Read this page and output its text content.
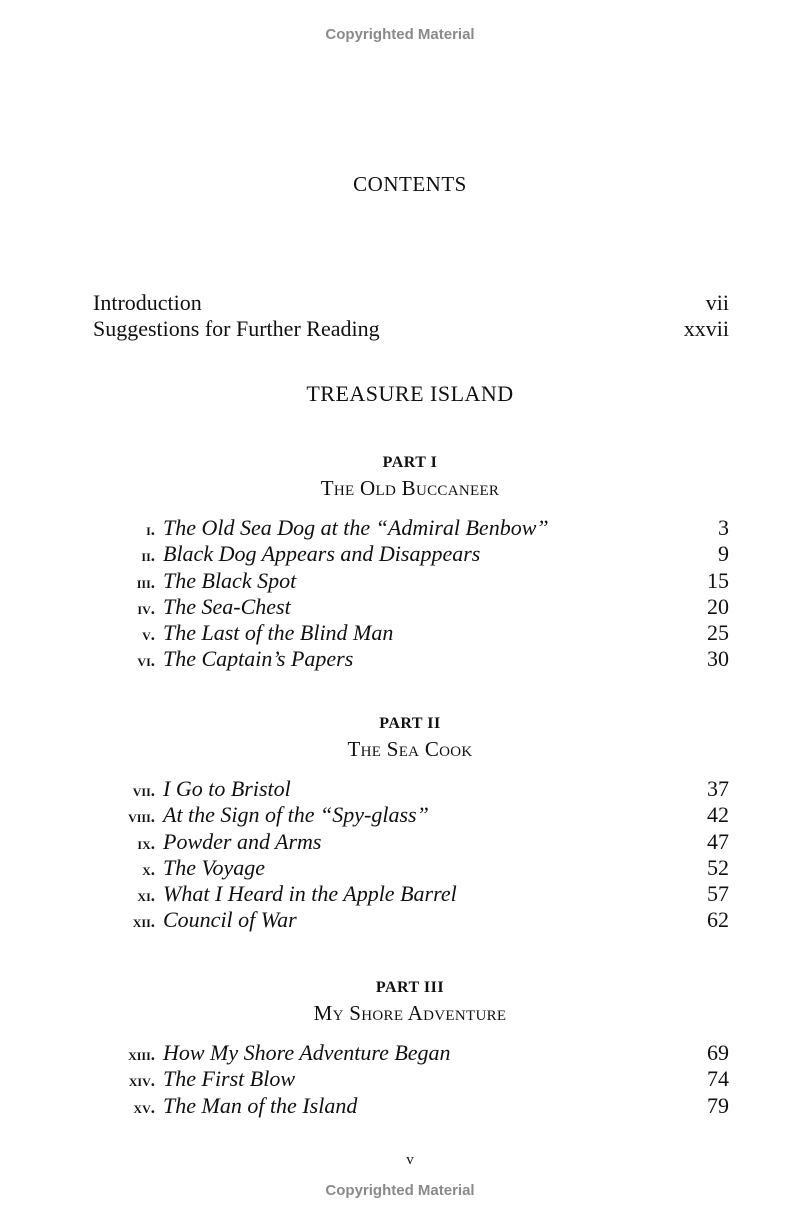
Copyrighted Material
CONTENTS
Introduction	vii
Suggestions for Further Reading	xxvii
TREASURE ISLAND
PART I
The Old Buccaneer
i. The Old Sea Dog at the “Admiral Benbow”	3
ii. Black Dog Appears and Disappears	9
iii. The Black Spot	15
iv. The Sea-Chest	20
v. The Last of the Blind Man	25
vi. The Captain’s Papers	30
PART II
The Sea Cook
vii. I Go to Bristol	37
viii. At the Sign of the “Spy-glass”	42
ix. Powder and Arms	47
x. The Voyage	52
xi. What I Heard in the Apple Barrel	57
xii. Council of War	62
PART III
My Shore Adventure
xiii. How My Shore Adventure Began	69
xiv. The First Blow	74
xv. The Man of the Island	79
v
Copyrighted Material
